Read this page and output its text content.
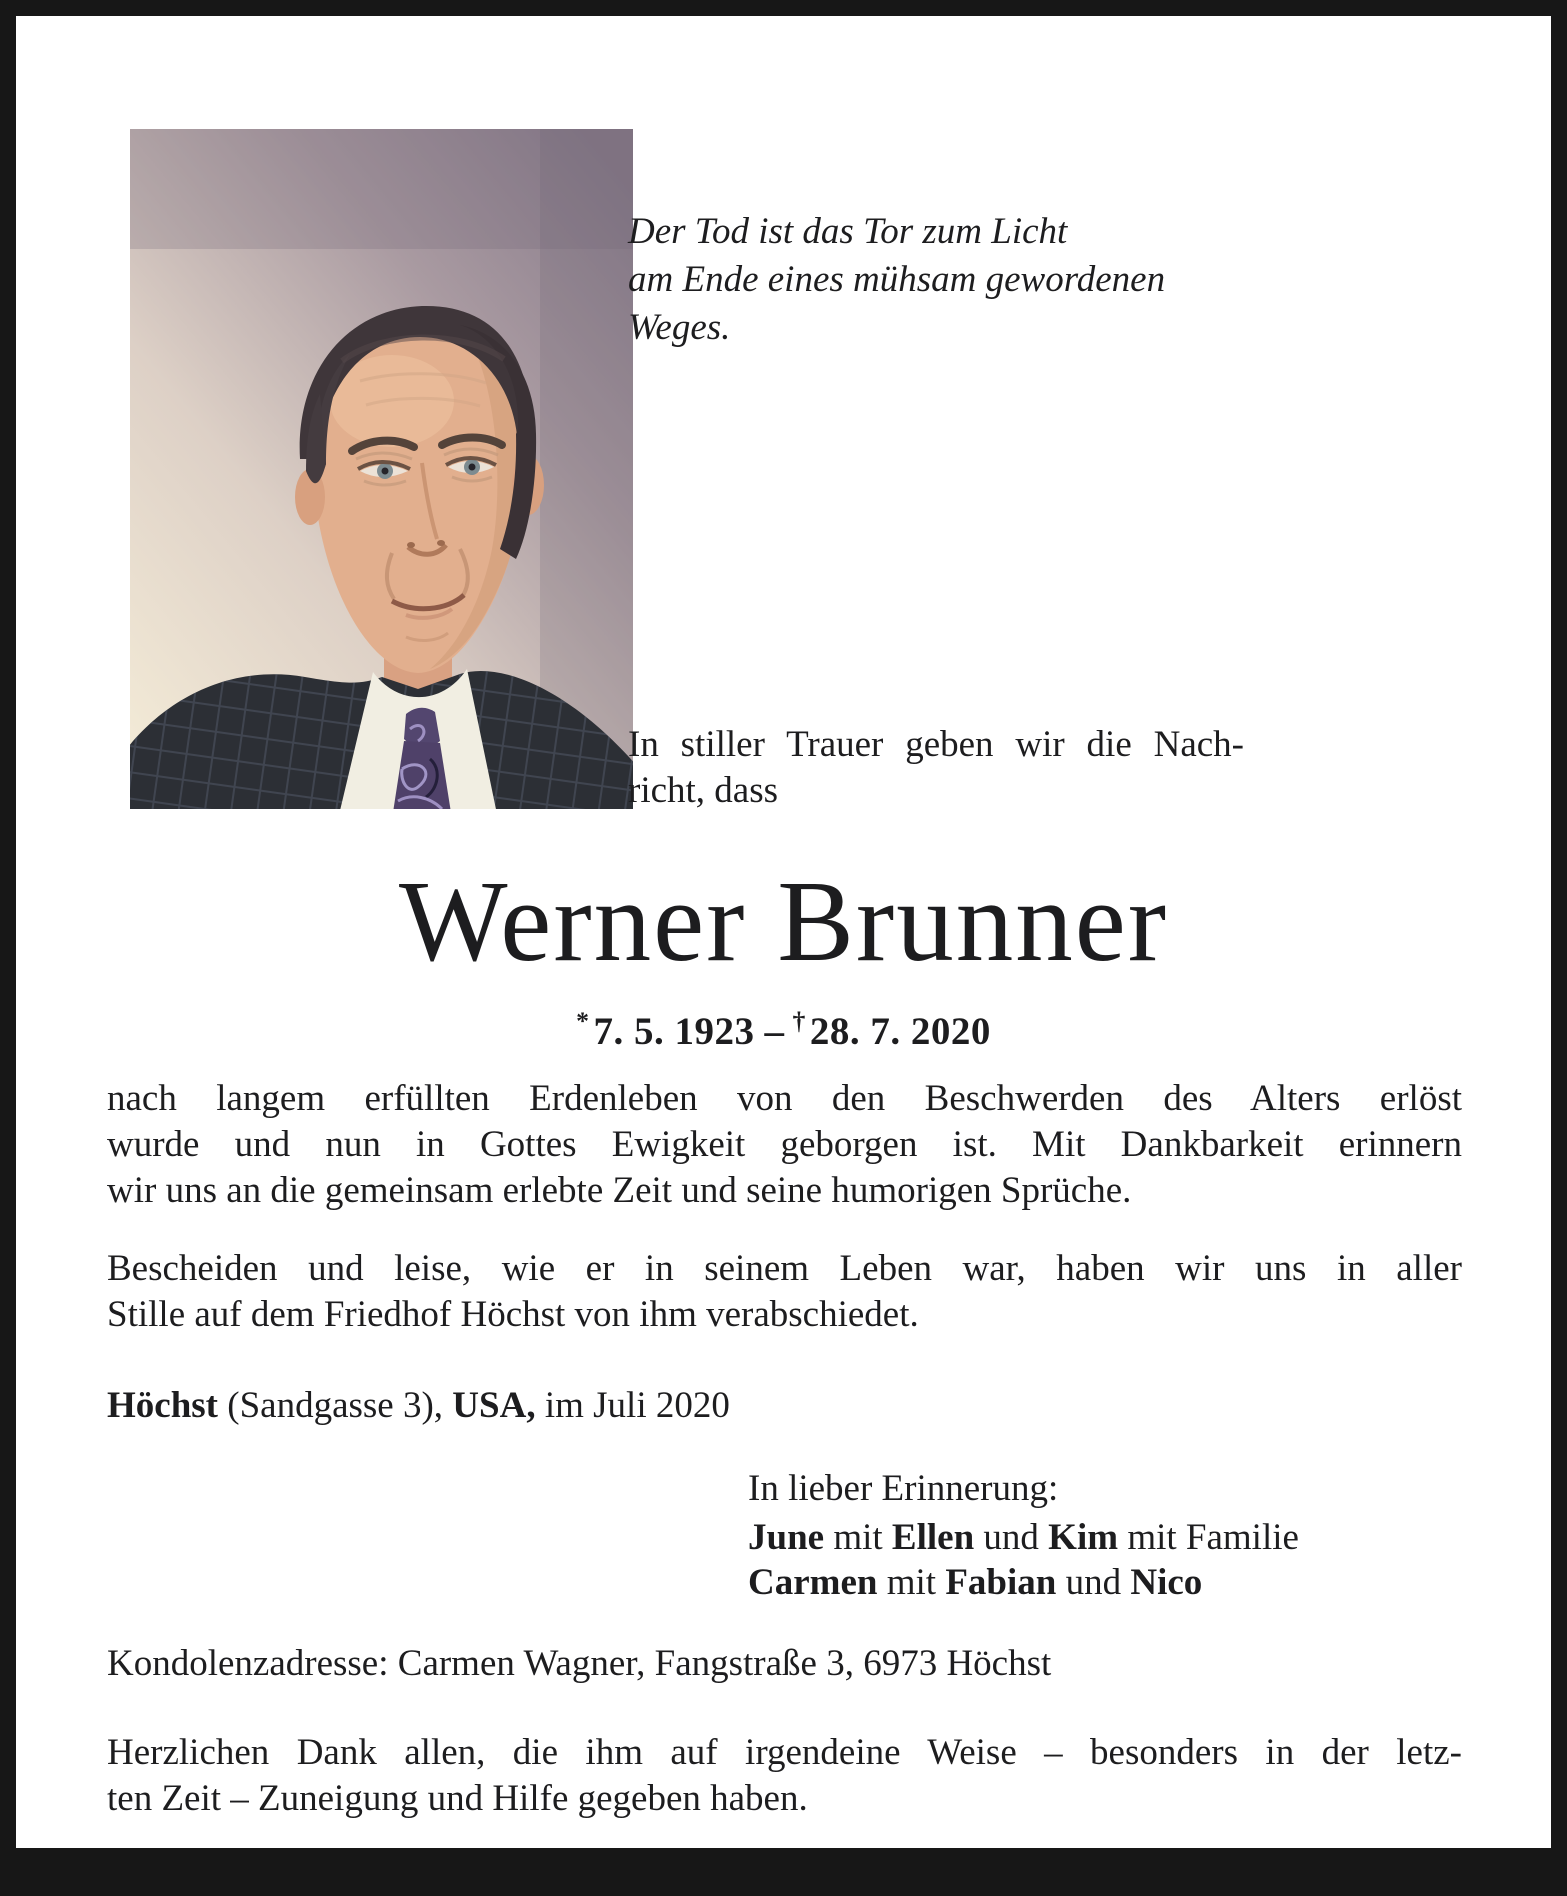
Der Tod ist das Tor zum Licht
am Ende eines mühsam gewordenen Weges.
In stiller Trauer geben wir die Nach-
richt, dass
Werner Brunner
* 7. 5. 1923 – † 28. 7. 2020
nach langem erfüllten Erdenleben von den Beschwerden des Alters erlöst
wurde und nun in Gottes Ewigkeit geborgen ist. Mit Dankbarkeit erinnern
wir uns an die gemeinsam erlebte Zeit und seine humorigen Sprüche.
Bescheiden und leise, wie er in seinem Leben war, haben wir uns in aller
Stille auf dem Friedhof Höchst von ihm verabschiedet.
Höchst (Sandgasse 3), USA, im Juli 2020
In lieber Erinnerung:
June mit Ellen und Kim mit Familie
Carmen mit Fabian und Nico
Kondolenzadresse: Carmen Wagner, Fangstraße 3, 6973 Höchst
Herzlichen Dank allen, die ihm auf irgendeine Weise – besonders in der letz-
ten Zeit – Zuneigung und Hilfe gegeben haben.
